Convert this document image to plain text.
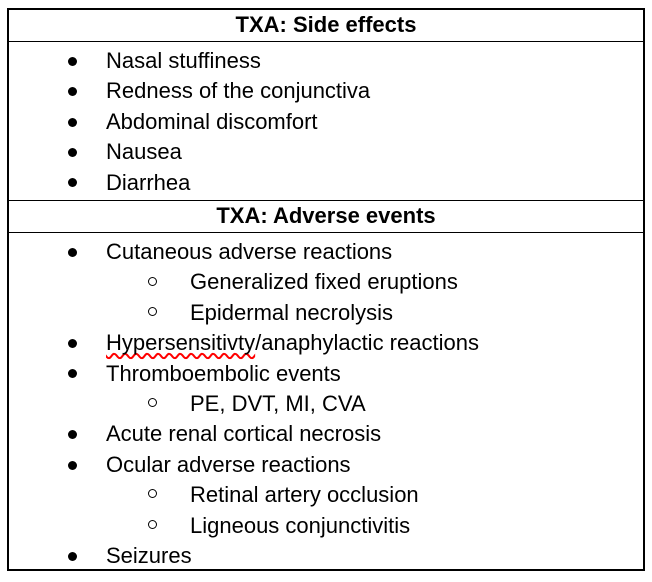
TXA: Side effects
Nasal stuffiness
Redness of the conjunctiva
Abdominal discomfort
Nausea
Diarrhea
TXA: Adverse events
Cutaneous adverse reactions
Generalized fixed eruptions
Epidermal necrolysis
Hypersensitivty/anaphylactic reactions
Thromboembolic events
PE, DVT, MI, CVA
Acute renal cortical necrosis
Ocular adverse reactions
Retinal artery occlusion
Ligneous conjunctivitis
Seizures
